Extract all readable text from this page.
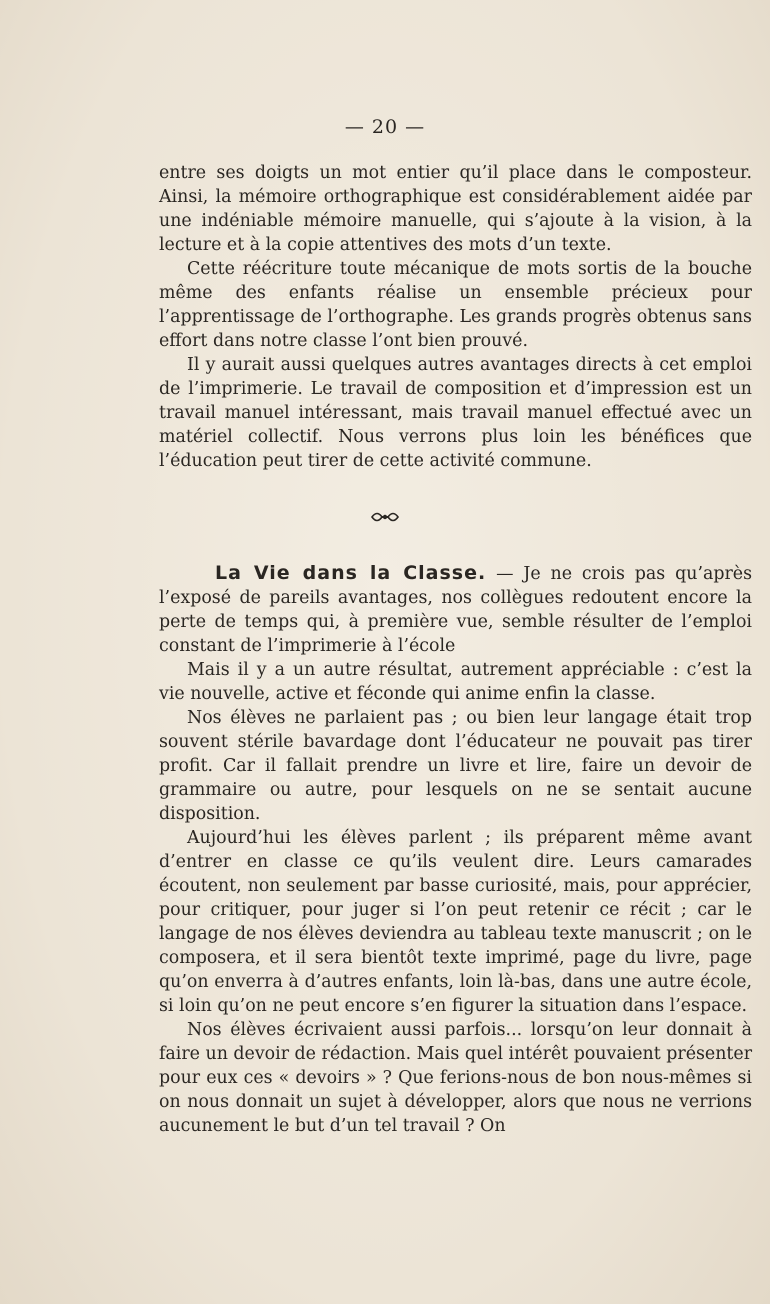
— 20 —

entre ses doigts un mot entier qu’il place dans le composteur. Ainsi, la mémoire orthographique est considérablement aidée par une indéniable mémoire manuelle, qui s’ajoute à la vision, à la lecture et à la copie attentives des mots d’un texte.

Cette réécriture toute mécanique de mots sortis de la bouche même des enfants réalise un ensemble précieux pour l’apprentissage de l’orthographe. Les grands progrès obtenus sans effort dans notre classe l’ont bien prouvé.

Il y aurait aussi quelques autres avantages directs à cet emploi de l’imprimerie. Le travail de composition et d’impression est un travail manuel intéressant, mais travail manuel effectué avec un matériel collectif. Nous verrons plus loin les bénéfices que l’éducation peut tirer de cette activité commune.

La Vie dans la Classe. — Je ne crois pas qu’après l’exposé de pareils avantages, nos collègues redoutent encore la perte de temps qui, à première vue, semble résulter de l’emploi constant de l’imprimerie à l’école

Mais il y a un autre résultat, autrement appréciable : c’est la vie nouvelle, active et féconde qui anime enfin la classe.

Nos élèves ne parlaient pas ; ou bien leur langage était trop souvent stérile bavardage dont l’éducateur ne pouvait pas tirer profit. Car il fallait prendre un livre et lire, faire un devoir de grammaire ou autre, pour lesquels on ne se sentait aucune disposition.

Aujourd’hui les élèves parlent ; ils préparent même avant d’entrer en classe ce qu’ils veulent dire. Leurs camarades écoutent, non seulement par basse curiosité, mais, pour apprécier, pour critiquer, pour juger si l’on peut retenir ce récit ; car le langage de nos élèves deviendra au tableau texte manuscrit ; on le composera, et il sera bientôt texte imprimé, page du livre, page qu’on enverra à d’autres enfants, loin là-bas, dans une autre école, si loin qu’on ne peut encore s’en figurer la situation dans l’espace.

Nos élèves écrivaient aussi parfois... lorsqu’on leur donnait à faire un devoir de rédaction. Mais quel intérêt pouvaient présenter pour eux ces « devoirs » ? Que ferions-nous de bon nous-mêmes si on nous donnait un sujet à développer, alors que nous ne verrions aucunement le but d’un tel travail ? On
